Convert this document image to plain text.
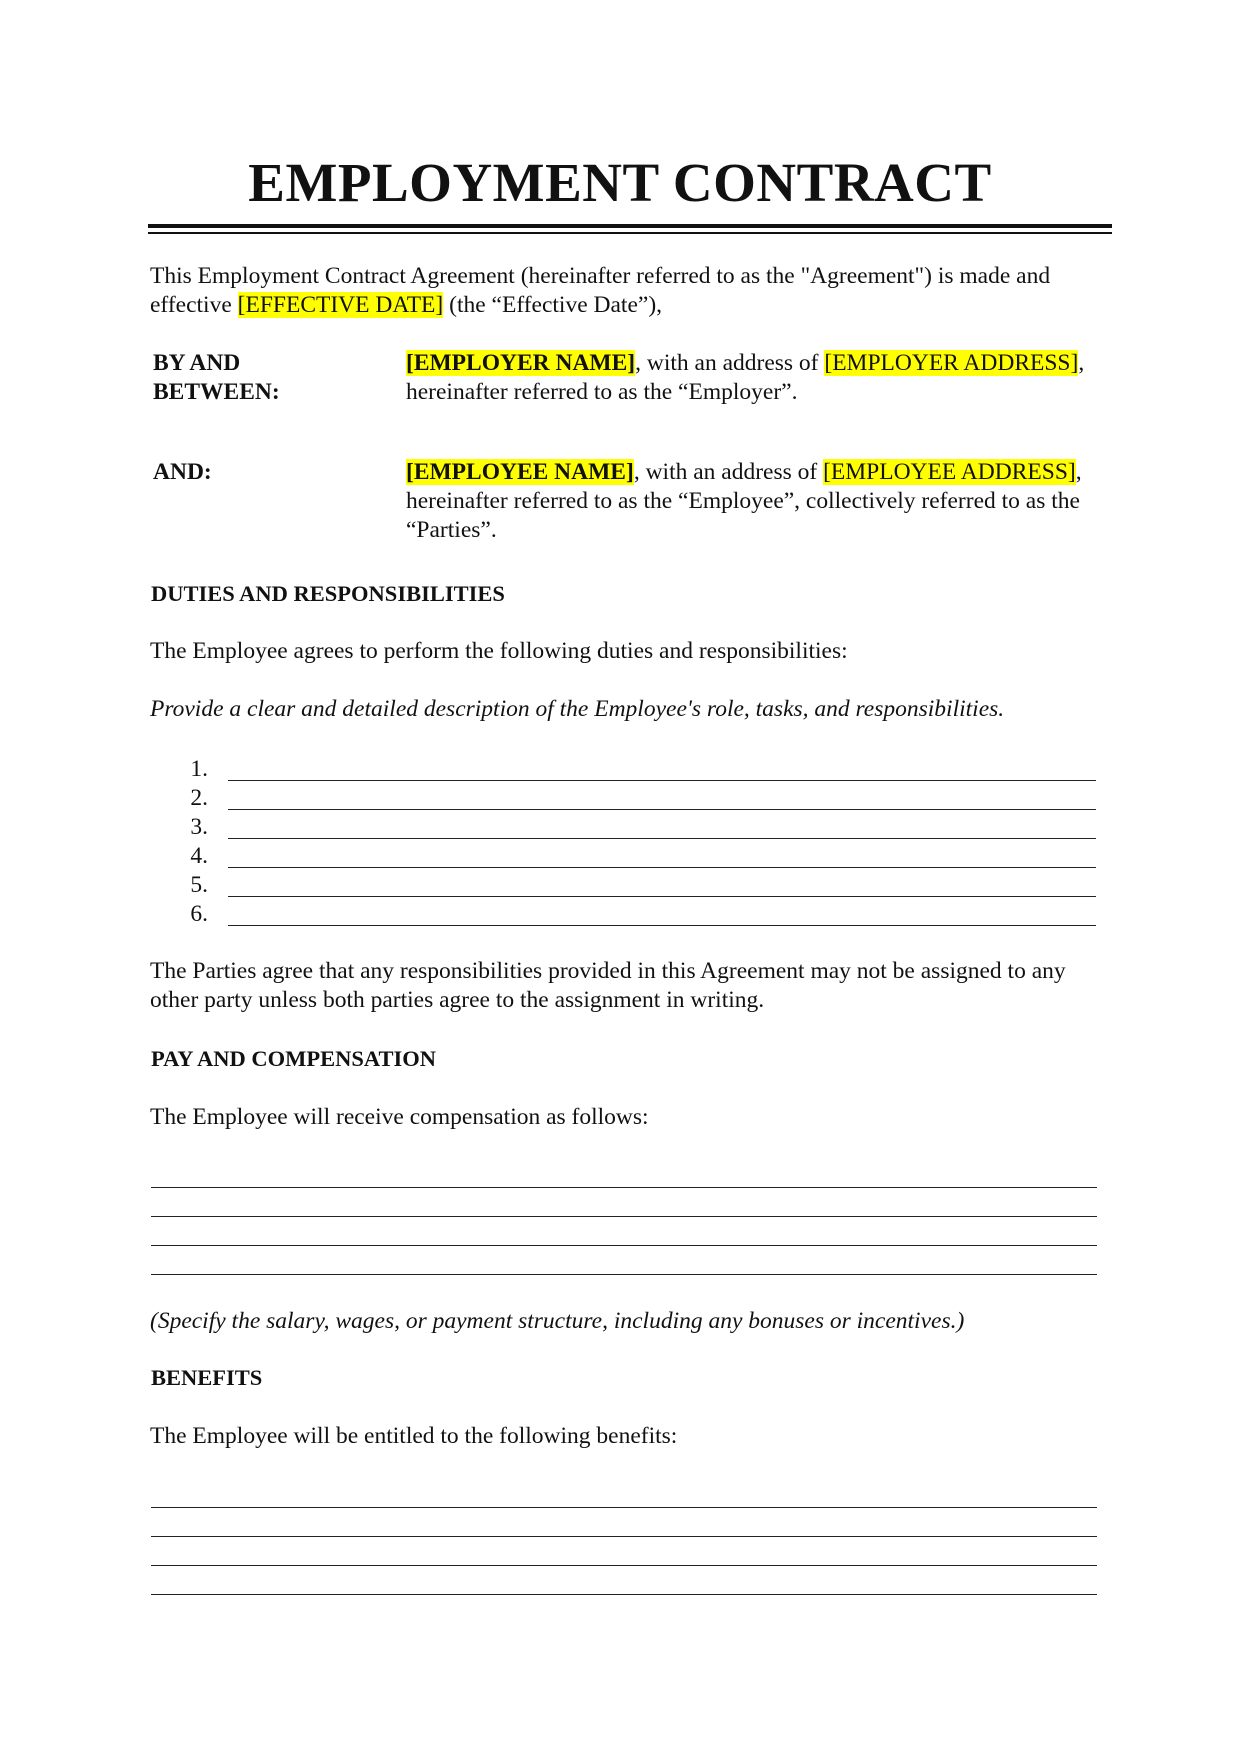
EMPLOYMENT CONTRACT
This Employment Contract Agreement (hereinafter referred to as the "Agreement") is made and effective [EFFECTIVE DATE] (the “Effective Date”),
BY AND
BETWEEN:
[EMPLOYER NAME], with an address of [EMPLOYER ADDRESS], hereinafter referred to as the “Employer”.
AND:	[EMPLOYEE NAME], with an address of [EMPLOYEE ADDRESS], hereinafter referred to as the “Employee”, collectively referred to as the “Parties”.
DUTIES AND RESPONSIBILITIES
The Employee agrees to perform the following duties and responsibilities:
Provide a clear and detailed description of the Employee's role, tasks, and responsibilities.
1.
2.
3.
4.
5.
6.
The Parties agree that any responsibilities provided in this Agreement may not be assigned to any other party unless both parties agree to the assignment in writing.
PAY AND COMPENSATION
The Employee will receive compensation as follows:
(Specify the salary, wages, or payment structure, including any bonuses or incentives.)
BENEFITS
The Employee will be entitled to the following benefits:
